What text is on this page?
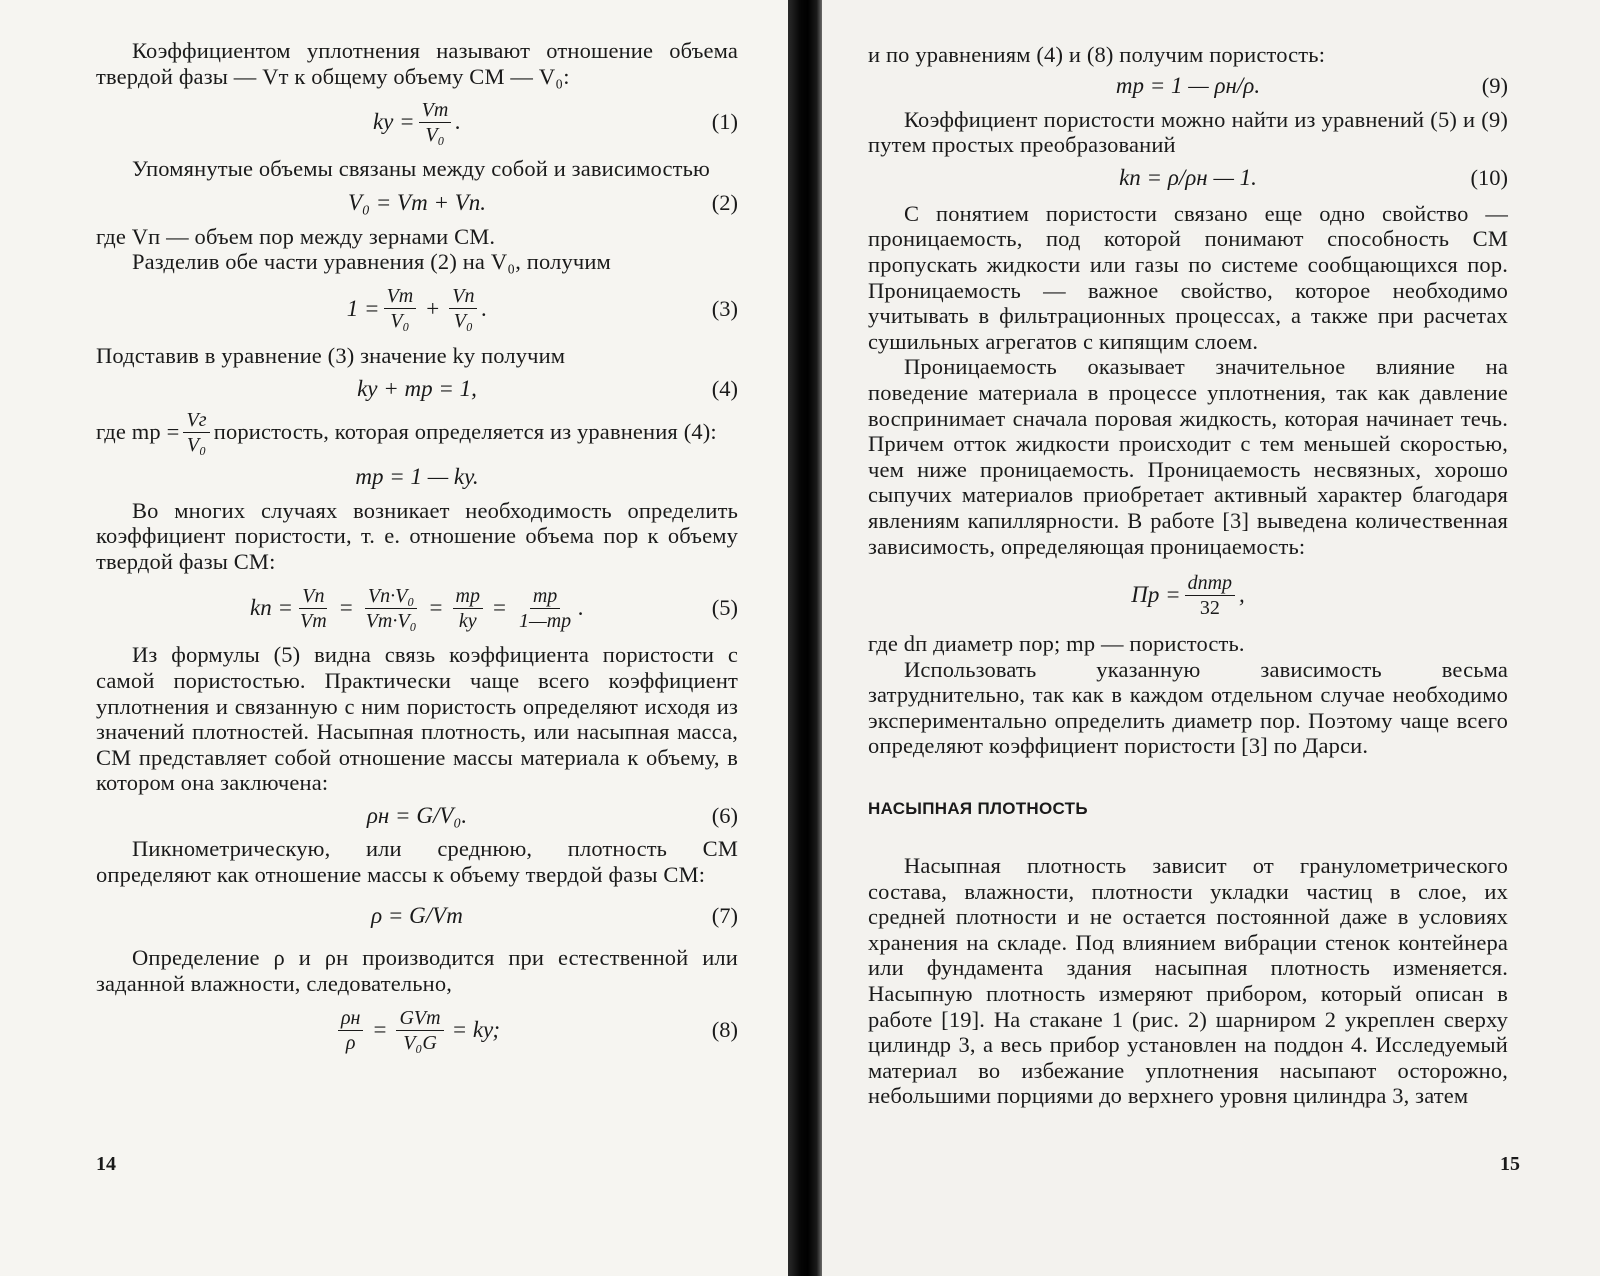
Коэффициентом уплотнения называют отношение объема твердой фазы — Vт к общему объему СМ — V₀:

kу = $\frac{Vт}{\text{V₀}}$ .	(1)

Упомянутые объемы связаны между собой и зависимостью

V₀ = Vт + Vп.	(2)

где Vп — объем пор между зернами СМ.

Разделив обе части уравнения (2) на V₀, получим

$1 = \frac{Vт}{\text{V₀}} + \frac{Vп}{\text{V₀}}$ .	(3)

Подставив в уравнение (3) значение kу получим

kу + mр = 1,	(4)

где mр = $\frac{Vг}{\text{V₀}}$ пористость, которая определяется из уравнения (4):

mр = 1 — kу.

Во многих случаях возникает необходимость определить коэффициент пористости, т. е. отношение объема пор к объему твердой фазы СМ:

kп = $\frac{Vп}{Vт} = \frac{\text{Vп·V₀}}{\text{Vт·V₀}} = \frac{mр}{kу} = \frac{mр}{1—mр}$ .	(5)

Из формулы (5) видна связь коэффициента пористости с самой пористостью. Практически чаще всего коэффициент уплотнения и связанную с ним пористость определяют исходя из значений плотностей. Насыпная плотность, или насыпная масса, СМ представляет собой отношение массы материала к объему, в котором она заключена:

ρн = G/V₀.	(6)

Пикнометрическую, или среднюю, плотность СМ определяют как отношение массы к объему твердой фазы СМ:

ρ = G/Vт	(7)

Определение ρ и ρн производится при естественной или заданной влажности, следовательно,

$\frac{\rho н}{\rho} = \frac{\text{GVт}}{\text{V₀G}}$ = kу;	(8)
14

и по уравнениям (4) и (8) получим пористость:

mр = 1 — ρн/ρ.	(9)

Коэффициент пористости можно найти из уравнений (5) и (9) путем простых преобразований

kп = ρ/ρн — 1.	(10)

С понятием пористости связано еще одно свойство — проницаемость, под которой понимают способность СМ пропускать жидкости или газы по системе сообщающихся пор. Проницаемость — важное свойство, которое необходимо учитывать в фильтрационных процессах, а также при расчетах сушильных агрегатов с кипящим слоем.

Проницаемость оказывает значительное влияние на поведение материала в процессе уплотнения, так как давление воспринимает сначала поровая жидкость, которая начинает течь. Причем отток жидкости происходит с тем меньшей скоростью, чем ниже проницаемость. Проницаемость несвязных, хорошо сыпучих материалов приобретает активный характер благодаря явлениям капиллярности. В работе [3] выведена количественная зависимость, определяющая проницаемость:

Пр = $\frac{\text{dпmр}}{32}$ ,

где dп диаметр пор; mр — пористость.

Использовать указанную зависимость весьма затруднительно, так как в каждом отдельном случае необходимо экспериментально определить диаметр пор. Поэтому чаще всего определяют коэффициент пористости [3] по Дарси.

НАСЫПНАЯ ПЛОТНОСТЬ

Насыпная плотность зависит от гранулометрического состава, влажности, плотности укладки частиц в слое, их средней плотности и не остается постоянной даже в условиях хранения на складе. Под влиянием вибрации стенок контейнера или фундамента здания насыпная плотность изменяется. Насыпную плотность измеряют прибором, который описан в работе [19]. На стакане 1 (рис. 2) шарниром 2 укреплен сверху цилиндр 3, а весь прибор установлен на поддон 4. Исследуемый материал во избежание уплотнения насыпают осторожно, небольшими порциями до верхнего уровня цилиндра 3, затем

15
